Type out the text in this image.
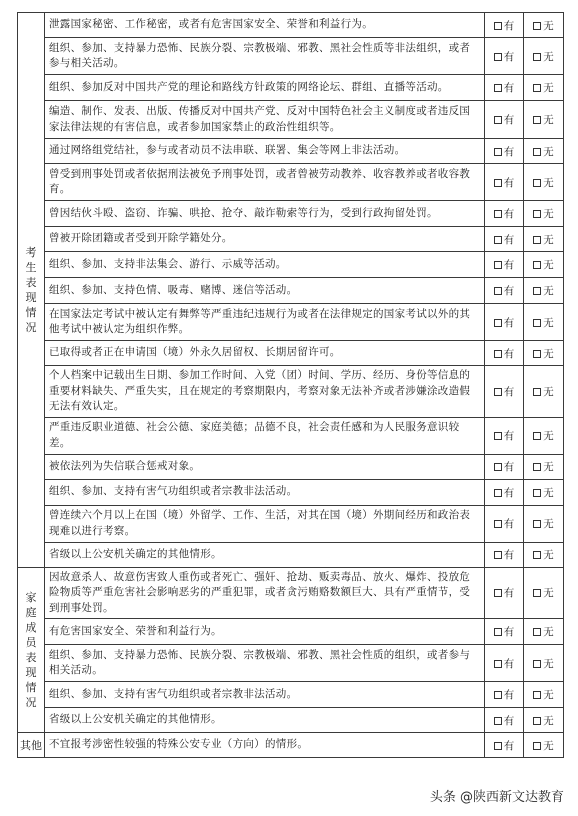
考生表现情况	泄露国家秘密、工作秘密，或者有危害国家安全、荣誉和利益行为。	有	无
	组织、参加、支持暴力恐怖、民族分裂、宗教极端、邪教、黑社会性质等非法组织，或者参与相关活动。	有	无
	组织、参加反对中国共产党的理论和路线方针政策的网络论坛、群组、直播等活动。	有	无
	编造、制作、发表、出版、传播反对中国共产党、反对中国特色社会主义制度或者违反国家法律法规的有害信息，或者参加国家禁止的政治性组织等。	有	无
	通过网络组党结社，参与或者动员不法串联、联署、集会等网上非法活动。	有	无
	曾受到刑事处罚或者依据刑法被免予刑事处罚，或者曾被劳动教养、收容教养或者收容教育。	有	无
	曾因结伙斗殴、盗窃、诈骗、哄抢、抢夺、敲诈勒索等行为，受到行政拘留处罚。	有	无
	曾被开除团籍或者受到开除学籍处分。	有	无
	组织、参加、支持非法集会、游行、示威等活动。	有	无
	组织、参加、支持色情、吸毒、赌博、迷信等活动。	有	无
	在国家法定考试中被认定有舞弊等严重违纪违规行为或者在法律规定的国家考试以外的其他考试中被认定为组织作弊。	有	无
	已取得或者正在申请国（境）外永久居留权、长期居留许可。	有	无
	个人档案中记载出生日期、参加工作时间、入党（团）时间、学历、经历、身份等信息的重要材料缺失、严重失实，且在规定的考察期限内，考察对象无法补齐或者涉嫌涂改造假无法有效认定。	有	无
	严重违反职业道德、社会公德、家庭美德；品德不良，社会责任感和为人民服务意识较差。	有	无
	被依法列为失信联合惩戒对象。	有	无
	组织、参加、支持有害气功组织或者宗教非法活动。	有	无
	曾连续六个月以上在国（境）外留学、工作、生活，对其在国（境）外期间经历和政治表现难以进行考察。	有	无
	省级以上公安机关确定的其他情形。	有	无

家庭成员表现情况	因故意杀人、故意伤害致人重伤或者死亡、强奸、抢劫、贩卖毒品、放火、爆炸、投放危险物质等严重危害社会影响恶劣的严重犯罪，或者贪污贿赂数额巨大、具有严重情节，受到刑事处罚。	有	无
	有危害国家安全、荣誉和利益行为。	有	无
	组织、参加、支持暴力恐怖、民族分裂、宗教极端、邪教、黑社会性质的组织，或者参与相关活动。	有	无
	组织、参加、支持有害气功组织或者宗教非法活动。	有	无
	省级以上公安机关确定的其他情形。	有	无
其他	不宜报考涉密性较强的特殊公安专业（方向）的情形。	有	无
头条 @陕西新文达教育
